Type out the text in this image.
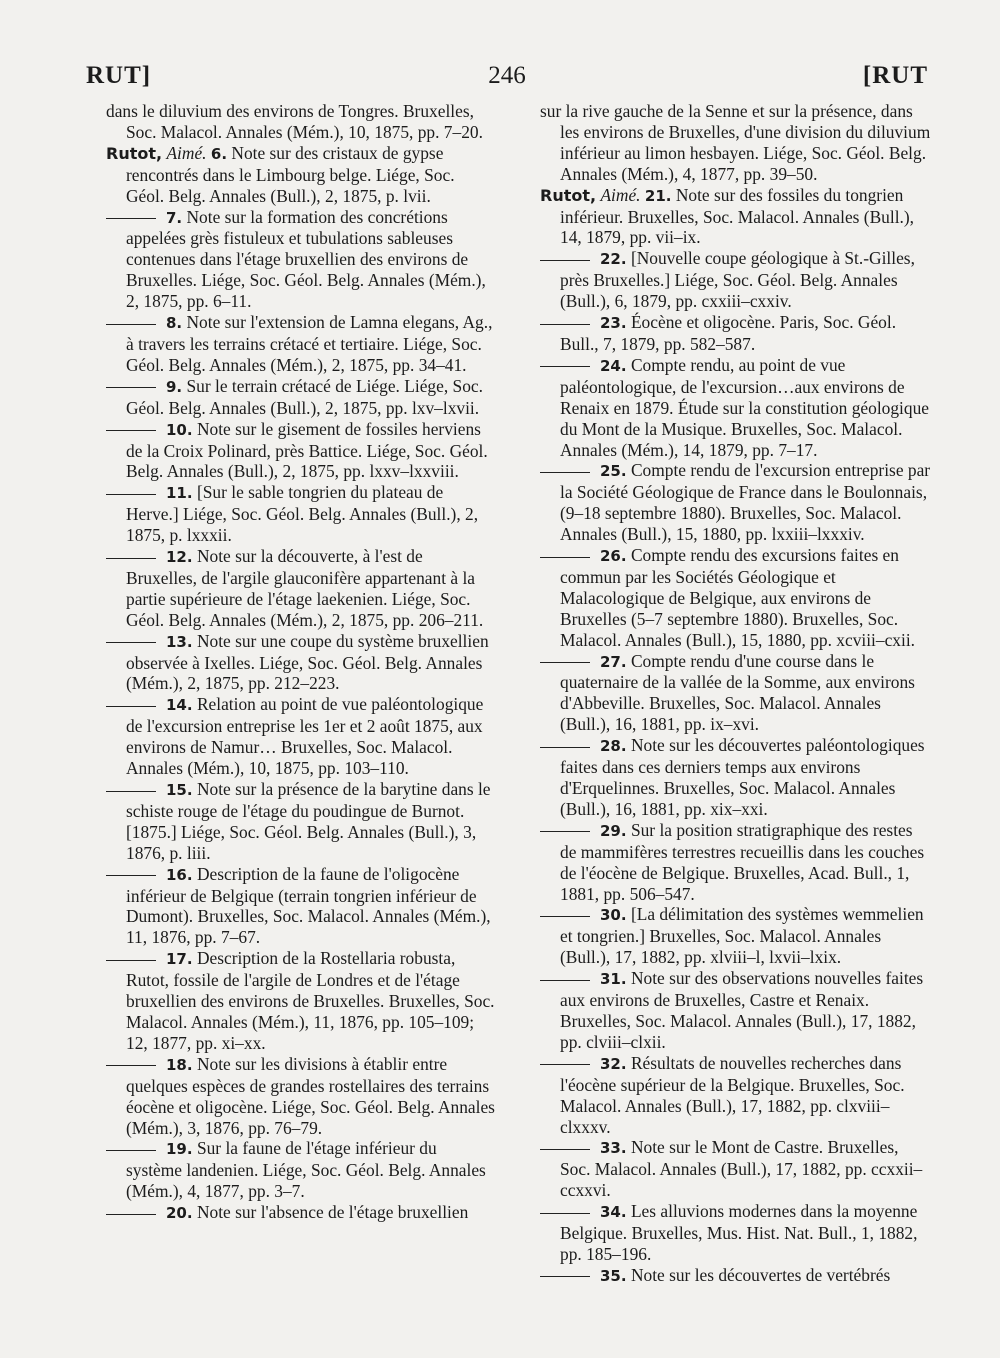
RUT]	246	[RUT

dans le diluvium des environs de Tongres. Bruxelles, Soc. Malacol. Annales (Mém.), 10, 1875, pp. 7–20.

Rutot, Aimé. 6. Note sur des cristaux de gypse rencontrés dans le Limbourg belge. Liége, Soc. Géol. Belg. Annales (Bull.), 2, 1875, p. lvii.

7. Note sur la formation des concrétions appelées grès fistuleux et tubulations sableuses contenues dans l'étage bruxellien des environs de Bruxelles. Liége, Soc. Géol. Belg. Annales (Mém.), 2, 1875, pp. 6–11.

8. Note sur l'extension de Lamna elegans, Ag., à travers les terrains crétacé et tertiaire. Liége, Soc. Géol. Belg. Annales (Mém.), 2, 1875, pp. 34–41.

9. Sur le terrain crétacé de Liége. Liége, Soc. Géol. Belg. Annales (Bull.), 2, 1875, pp. lxv–lxvii.

10. Note sur le gisement de fossiles herviens de la Croix Polinard, près Battice. Liége, Soc. Géol. Belg. Annales (Bull.), 2, 1875, pp. lxxv–lxxviii.

11. [Sur le sable tongrien du plateau de Herve.] Liége, Soc. Géol. Belg. Annales (Bull.), 2, 1875, p. lxxxii.

12. Note sur la découverte, à l'est de Bruxelles, de l'argile glauconifère appartenant à la partie supérieure de l'étage laekenien. Liége, Soc. Géol. Belg. Annales (Mém.), 2, 1875, pp. 206–211.

13. Note sur une coupe du système bruxellien observée à Ixelles. Liége, Soc. Géol. Belg. Annales (Mém.), 2, 1875, pp. 212–223.

14. Relation au point de vue paléontologique de l'excursion entreprise les 1er et 2 août 1875, aux environs de Namur… Bruxelles, Soc. Malacol. Annales (Mém.), 10, 1875, pp. 103–110.

15. Note sur la présence de la barytine dans le schiste rouge de l'étage du poudingue de Burnot. [1875.] Liége, Soc. Géol. Belg. Annales (Bull.), 3, 1876, p. liii.

16. Description de la faune de l'oligocène inférieur de Belgique (terrain tongrien inférieur de Dumont). Bruxelles, Soc. Malacol. Annales (Mém.), 11, 1876, pp. 7–67.

17. Description de la Rostellaria robusta, Rutot, fossile de l'argile de Londres et de l'étage bruxellien des environs de Bruxelles. Bruxelles, Soc. Malacol. Annales (Mém.), 11, 1876, pp. 105–109; 12, 1877, pp. xi–xx.

18. Note sur les divisions à établir entre quelques espèces de grandes rostellaires des terrains éocène et oligocène. Liége, Soc. Géol. Belg. Annales (Mém.), 3, 1876, pp. 76–79.

19. Sur la faune de l'étage inférieur du système landenien. Liége, Soc. Géol. Belg. Annales (Mém.), 4, 1877, pp. 3–7.

20. Note sur l'absence de l'étage bruxellien

sur la rive gauche de la Senne et sur la présence, dans les environs de Bruxelles, d'une division du diluvium inférieur au limon hesbayen. Liége, Soc. Géol. Belg. Annales (Mém.), 4, 1877, pp. 39–50.

Rutot, Aimé. 21. Note sur des fossiles du tongrien inférieur. Bruxelles, Soc. Malacol. Annales (Bull.), 14, 1879, pp. vii–ix.

22. [Nouvelle coupe géologique à St.-Gilles, près Bruxelles.] Liége, Soc. Géol. Belg. Annales (Bull.), 6, 1879, pp. cxxiii–cxxiv.

23. Éocène et oligocène. Paris, Soc. Géol. Bull., 7, 1879, pp. 582–587.

24. Compte rendu, au point de vue paléontologique, de l'excursion…aux environs de Renaix en 1879. Étude sur la constitution géologique du Mont de la Musique. Bruxelles, Soc. Malacol. Annales (Mém.), 14, 1879, pp. 7–17.

25. Compte rendu de l'excursion entreprise par la Société Géologique de France dans le Boulonnais, (9–18 septembre 1880). Bruxelles, Soc. Malacol. Annales (Bull.), 15, 1880, pp. lxxiii–lxxxiv.

26. Compte rendu des excursions faites en commun par les Sociétés Géologique et Malacologique de Belgique, aux environs de Bruxelles (5–7 septembre 1880). Bruxelles, Soc. Malacol. Annales (Bull.), 15, 1880, pp. xcviii–cxii.

27. Compte rendu d'une course dans le quaternaire de la vallée de la Somme, aux environs d'Abbeville. Bruxelles, Soc. Malacol. Annales (Bull.), 16, 1881, pp. ix–xvi.

28. Note sur les découvertes paléontologiques faites dans ces derniers temps aux environs d'Erquelinnes. Bruxelles, Soc. Malacol. Annales (Bull.), 16, 1881, pp. xix–xxi.

29. Sur la position stratigraphique des restes de mammifères terrestres recueillis dans les couches de l'éocène de Belgique. Bruxelles, Acad. Bull., 1, 1881, pp. 506–547.

30. [La délimitation des systèmes wemmelien et tongrien.] Bruxelles, Soc. Malacol. Annales (Bull.), 17, 1882, pp. xlviii–l, lxvii–lxix.

31. Note sur des observations nouvelles faites aux environs de Bruxelles, Castre et Renaix. Bruxelles, Soc. Malacol. Annales (Bull.), 17, 1882, pp. clviii–clxii.

32. Résultats de nouvelles recherches dans l'éocène supérieur de la Belgique. Bruxelles, Soc. Malacol. Annales (Bull.), 17, 1882, pp. clxviii–clxxxv.

33. Note sur le Mont de Castre. Bruxelles, Soc. Malacol. Annales (Bull.), 17, 1882, pp. ccxxii–ccxxvi.

34. Les alluvions modernes dans la moyenne Belgique. Bruxelles, Mus. Hist. Nat. Bull., 1, 1882, pp. 185–196.

35. Note sur les découvertes de vertébrés
